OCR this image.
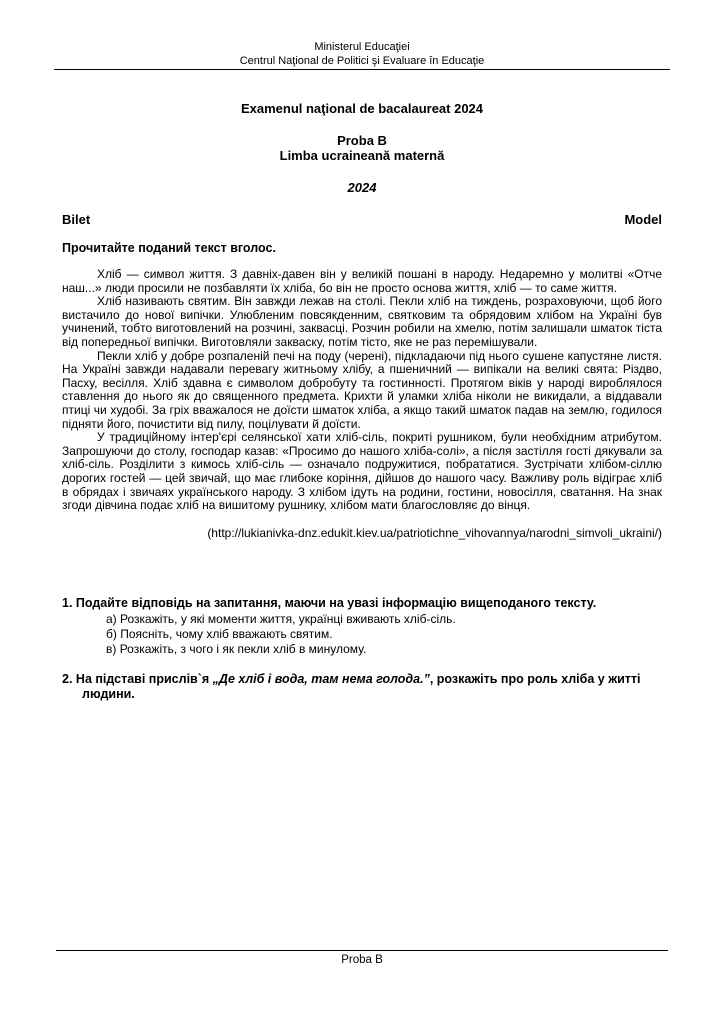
Ministerul Educaţiei
Centrul Naţional de Politici şi Evaluare în Educaţie
Examenul naţional de bacalaureat 2024
Proba B
Limba ucraineană maternă
2024
Bilet	Model
Прочитайте поданий текст вголос.

Хліб — символ життя. З давніх-давен він у великій пошані в народу. Недаремно у молитві «Отче наш...» люди просили не позбавляти їх хліба, бо він не просто основа життя, хліб — то саме життя.

Хліб називають святим. Він завжди лежав на столі. Пекли хліб на тиждень, розраховуючи, щоб його вистачило до нової випічки. Улюбленим повсякденним, святковим та обрядовим хлібом на Україні був учинений, тобто виготовлений на розчині, заквасці. Розчин робили на хмелю, потім залишали шматок тіста від попередньої випічки. Виготовляли закваску, потім тісто, яке не раз перемішували.

Пекли хліб у добре розпаленій печі на поду (черені), підкладаючи під нього сушене капустяне листя. На Україні завжди надавали перевагу житньому хлібу, а пшеничний — випікали на великі свята: Різдво, Пасху, весілля. Хліб здавна є символом добробуту та гостинності. Протягом віків у народі вироблялося ставлення до нього як до священного предмета. Крихти й уламки хліба ніколи не викидали, а віддавали птиці чи худобі. За гріх вважалося не доїсти шматок хліба, а якщо такий шматок падав на землю, годилося підняти його, почистити від пилу, поцілувати й доїсти.

У традиційному інтер'єрі селянської хати хліб-сіль, покриті рушником, були необхідним атрибутом. Запрошуючи до столу, господар казав: «Просимо до нашого хліба-солі», а після застілля гості дякували за хліб-сіль. Розділити з кимось хліб-сіль — означало подружитися, побрататися. Зустрічати хлібом-сіллю дорогих гостей — цей звичай, що має глибоке коріння, дійшов до нашого часу. Важливу роль відіграє хліб в обрядах і звичаях українського народу. З хлібом ідуть на родини, гостини, новосілля, сватання. На знак згоди дівчина подає хліб на вишитому рушнику, хлібом мати благословляє до вінця.

(http://lukianivka-dnz.edukit.kiev.ua/patriotichne_vihovannya/narodni_simvoli_ukraini/)
1. Подайте відповідь на запитання, маючи на увазі інформацію вищеподаного тексту.
а) Розкажіть, у які моменти життя, українці вживають хліб-сіль.
б) Поясніть, чому хліб вважають святим.
в) Розкажіть, з чого і як пекли хліб в минулому.
2. На підставі прислів`я „Де хліб і вода, там нема голода.”, розкажіть про роль хліба у житті людини.
Proba B
